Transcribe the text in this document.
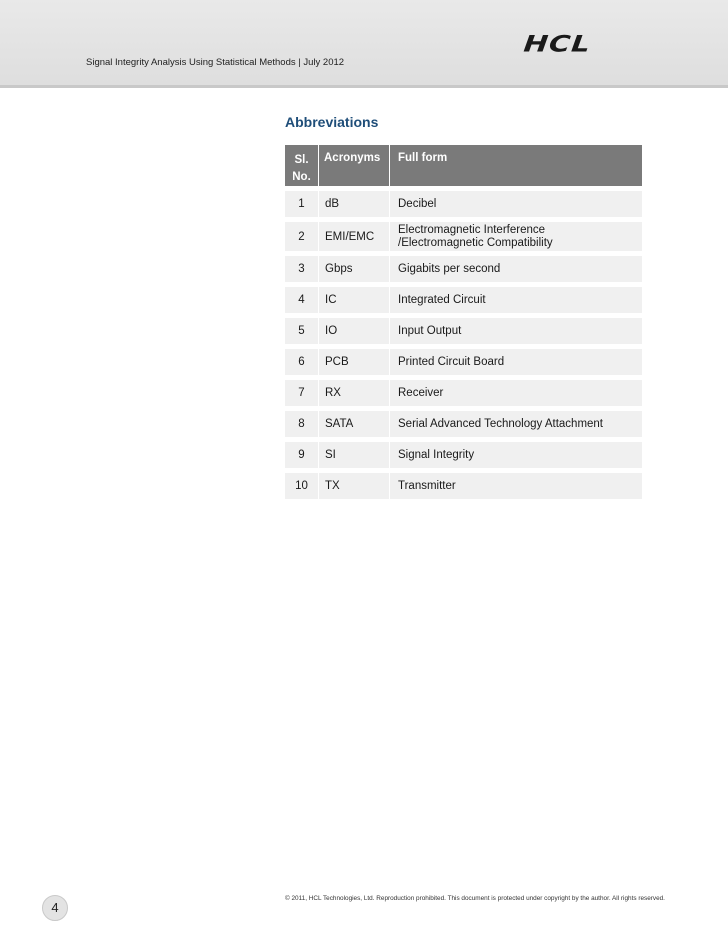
Signal Integrity Analysis Using Statistical Methods | July 2012
HCL
Abbreviations
Sl.
No.	Acronyms	Full form
1	dB	Decibel
2	EMI/EMC	Electromagnetic Interference
/Electromagnetic Compatibility

3	Gbps	Gigabits per second
4	IC	Integrated Circuit
5	IO	Input Output
6	PCB	Printed Circuit Board
7	RX	Receiver
8	SATA	Serial Advanced Technology Attachment
9	SI	Signal Integrity
10	TX	Transmitter
© 2011, HCL Technologies, Ltd. Reproduction prohibited. This document is protected under copyright by the author. All rights reserved.
4
